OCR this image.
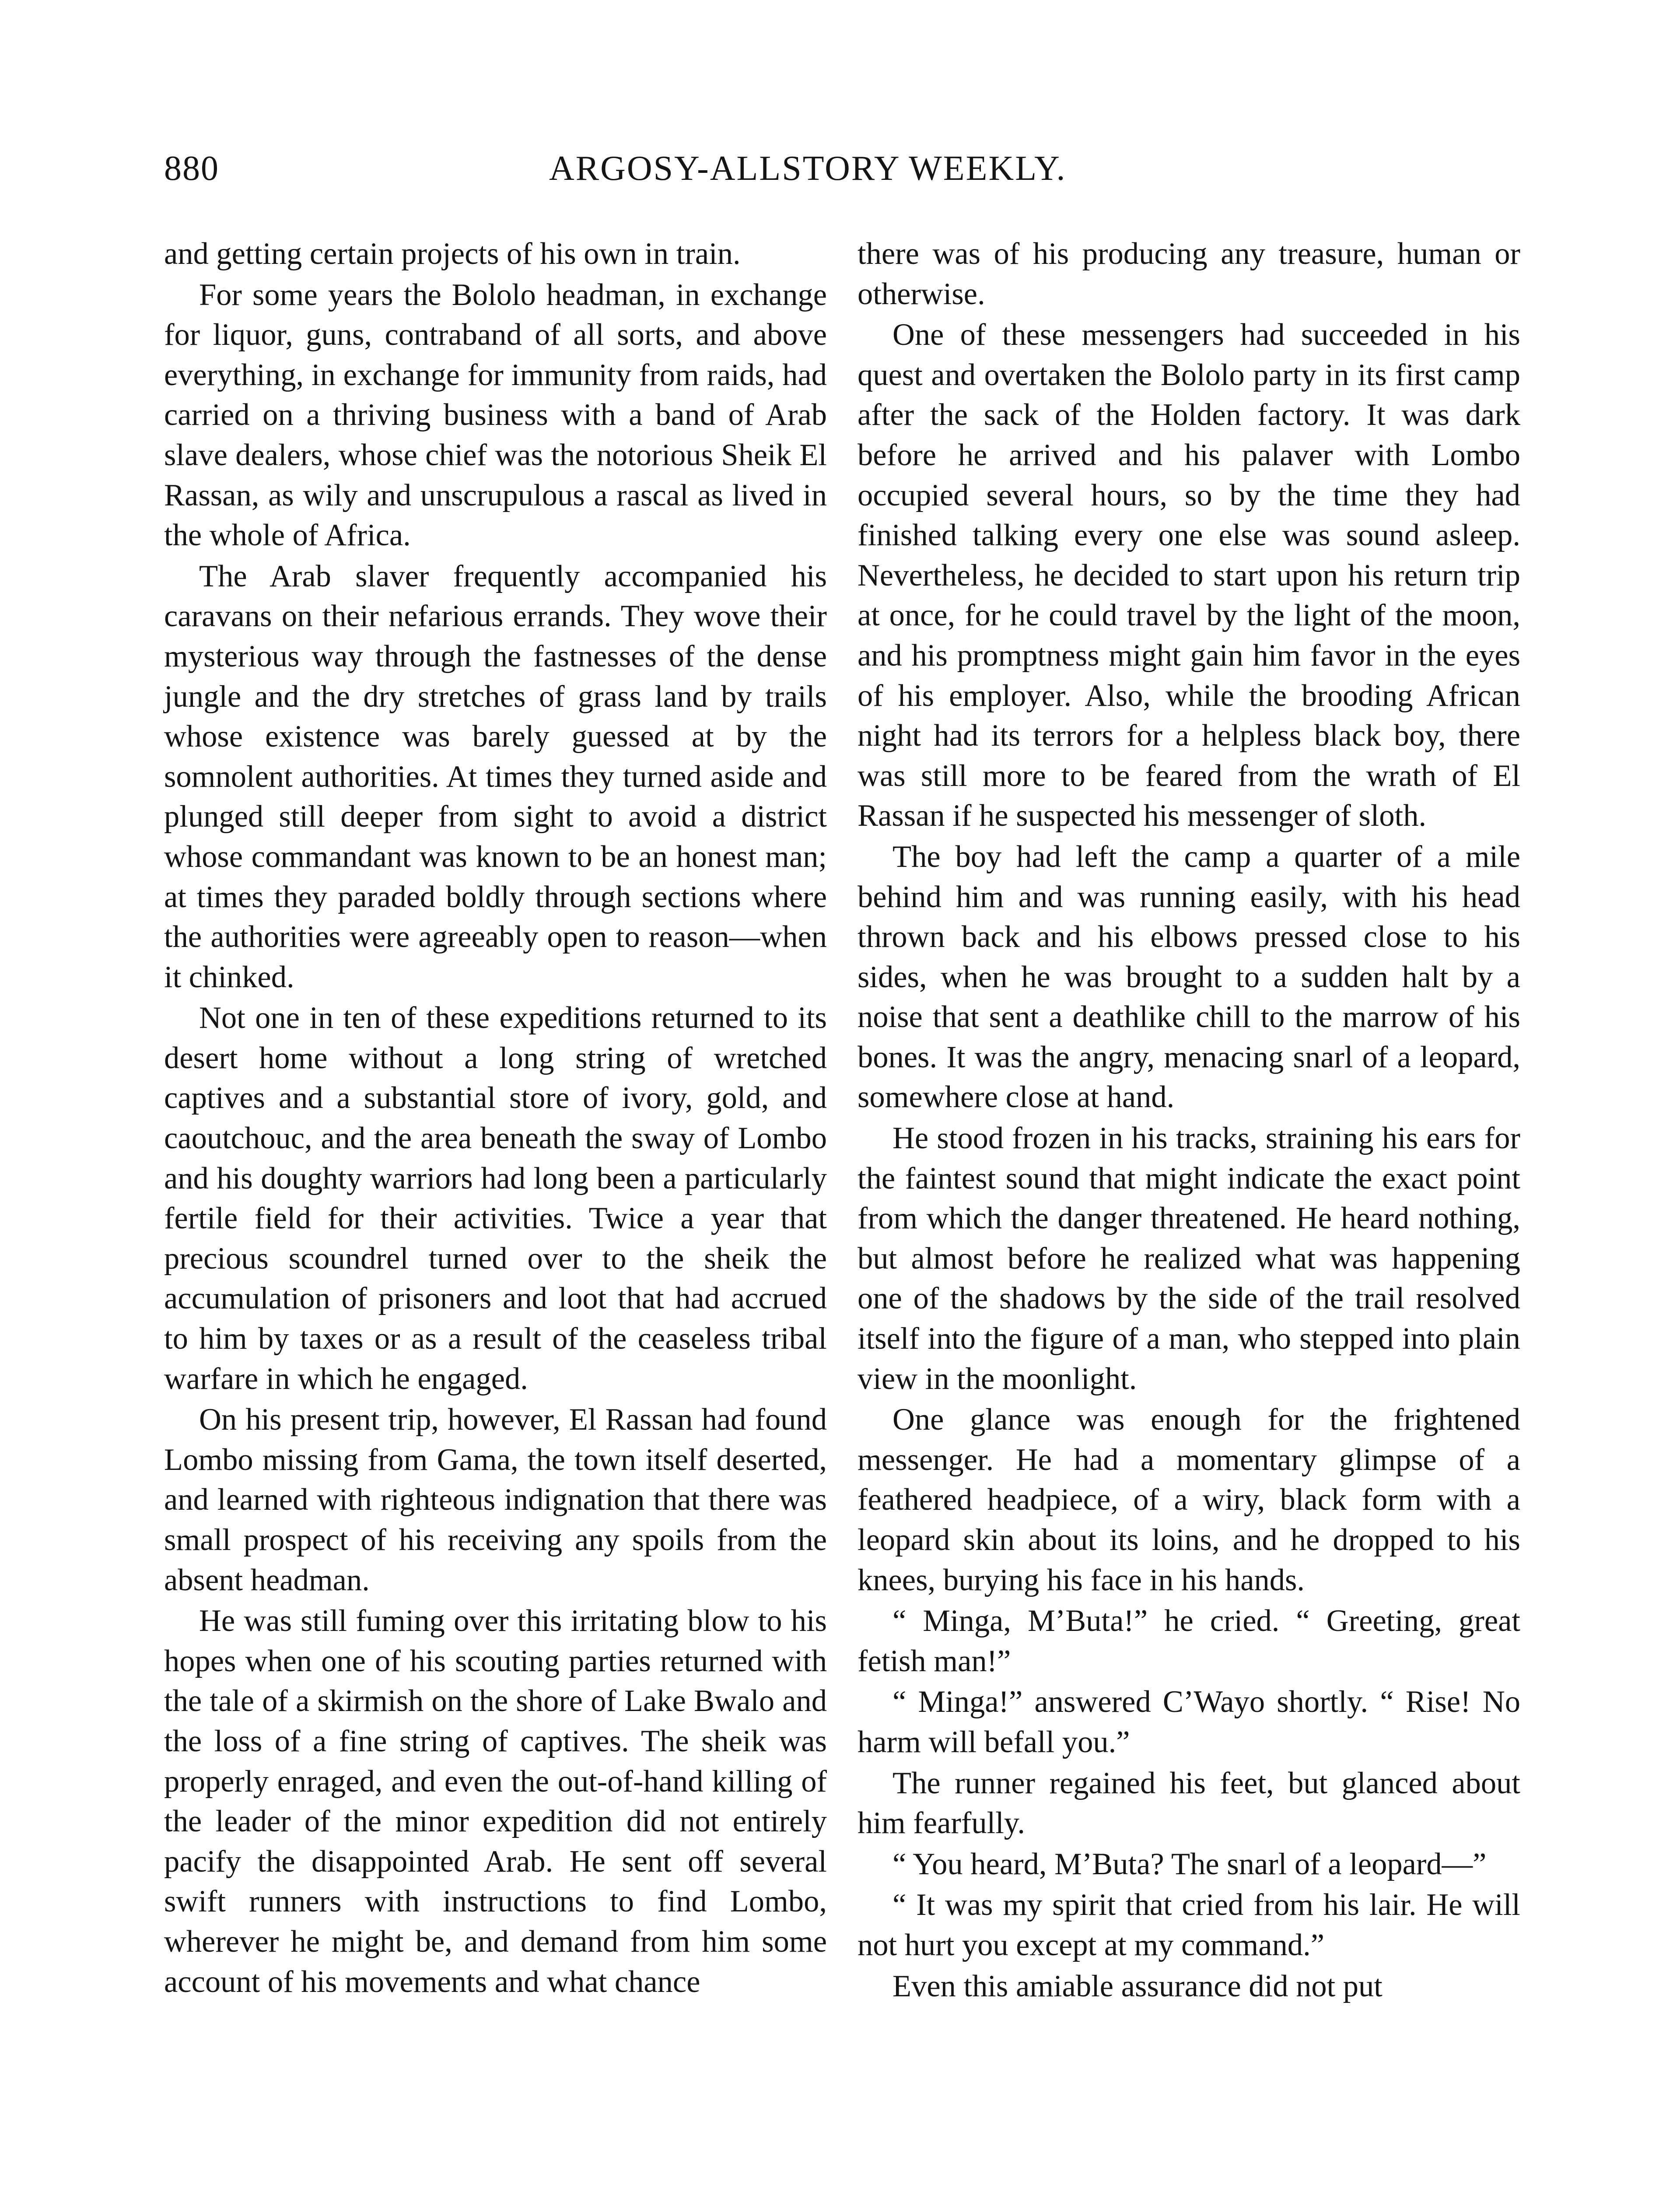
880	ARGOSY-ALLSTORY WEEKLY.

and getting certain projects of his own in train.

For some years the Bololo headman, in exchange for liquor, guns, contraband of all sorts, and above everything, in exchange for immunity from raids, had carried on a thriving business with a band of Arab slave dealers, whose chief was the notorious Sheik El Rassan, as wily and unscrupulous a rascal as lived in the whole of Africa.

The Arab slaver frequently accompanied his caravans on their nefarious errands. They wove their mysterious way through the fastnesses of the dense jungle and the dry stretches of grass land by trails whose existence was barely guessed at by the somnolent authorities. At times they turned aside and plunged still deeper from sight to avoid a district whose commandant was known to be an honest man; at times they paraded boldly through sections where the authorities were agreeably open to reason—when it chinked.

Not one in ten of these expeditions returned to its desert home without a long string of wretched captives and a substantial store of ivory, gold, and caoutchouc, and the area beneath the sway of Lombo and his doughty warriors had long been a particularly fertile field for their activities. Twice a year that precious scoundrel turned over to the sheik the accumulation of prisoners and loot that had accrued to him by taxes or as a result of the ceaseless tribal warfare in which he engaged.

On his present trip, however, El Rassan had found Lombo missing from Gama, the town itself deserted, and learned with righteous indignation that there was small prospect of his receiving any spoils from the absent headman.

He was still fuming over this irritating blow to his hopes when one of his scouting parties returned with the tale of a skirmish on the shore of Lake Bwalo and the loss of a fine string of captives. The sheik was properly enraged, and even the out-of-hand killing of the leader of the minor expedition did not entirely pacify the disappointed Arab. He sent off several swift runners with instructions to find Lombo, wherever he might be, and demand from him some account of his movements and what chance

there was of his producing any treasure, human or otherwise.

One of these messengers had succeeded in his quest and overtaken the Bololo party in its first camp after the sack of the Holden factory. It was dark before he arrived and his palaver with Lombo occupied several hours, so by the time they had finished talking every one else was sound asleep. Nevertheless, he decided to start upon his return trip at once, for he could travel by the light of the moon, and his promptness might gain him favor in the eyes of his employer. Also, while the brooding African night had its terrors for a helpless black boy, there was still more to be feared from the wrath of El Rassan if he suspected his messenger of sloth.

The boy had left the camp a quarter of a mile behind him and was running easily, with his head thrown back and his elbows pressed close to his sides, when he was brought to a sudden halt by a noise that sent a deathlike chill to the marrow of his bones. It was the angry, menacing snarl of a leopard, somewhere close at hand.

He stood frozen in his tracks, straining his ears for the faintest sound that might indicate the exact point from which the danger threatened. He heard nothing, but almost before he realized what was happening one of the shadows by the side of the trail resolved itself into the figure of a man, who stepped into plain view in the moonlight.

One glance was enough for the frightened messenger. He had a momentary glimpse of a feathered headpiece, of a wiry, black form with a leopard skin about its loins, and he dropped to his knees, burying his face in his hands.

“ Minga, M’Buta!” he cried. “ Greeting, great fetish man!”

“ Minga!” answered C’Wayo shortly. “ Rise! No harm will befall you.”

The runner regained his feet, but glanced about him fearfully.

“ You heard, M’Buta? The snarl of a leopard—”

“ It was my spirit that cried from his lair. He will not hurt you except at my command.”

Even this amiable assurance did not put
